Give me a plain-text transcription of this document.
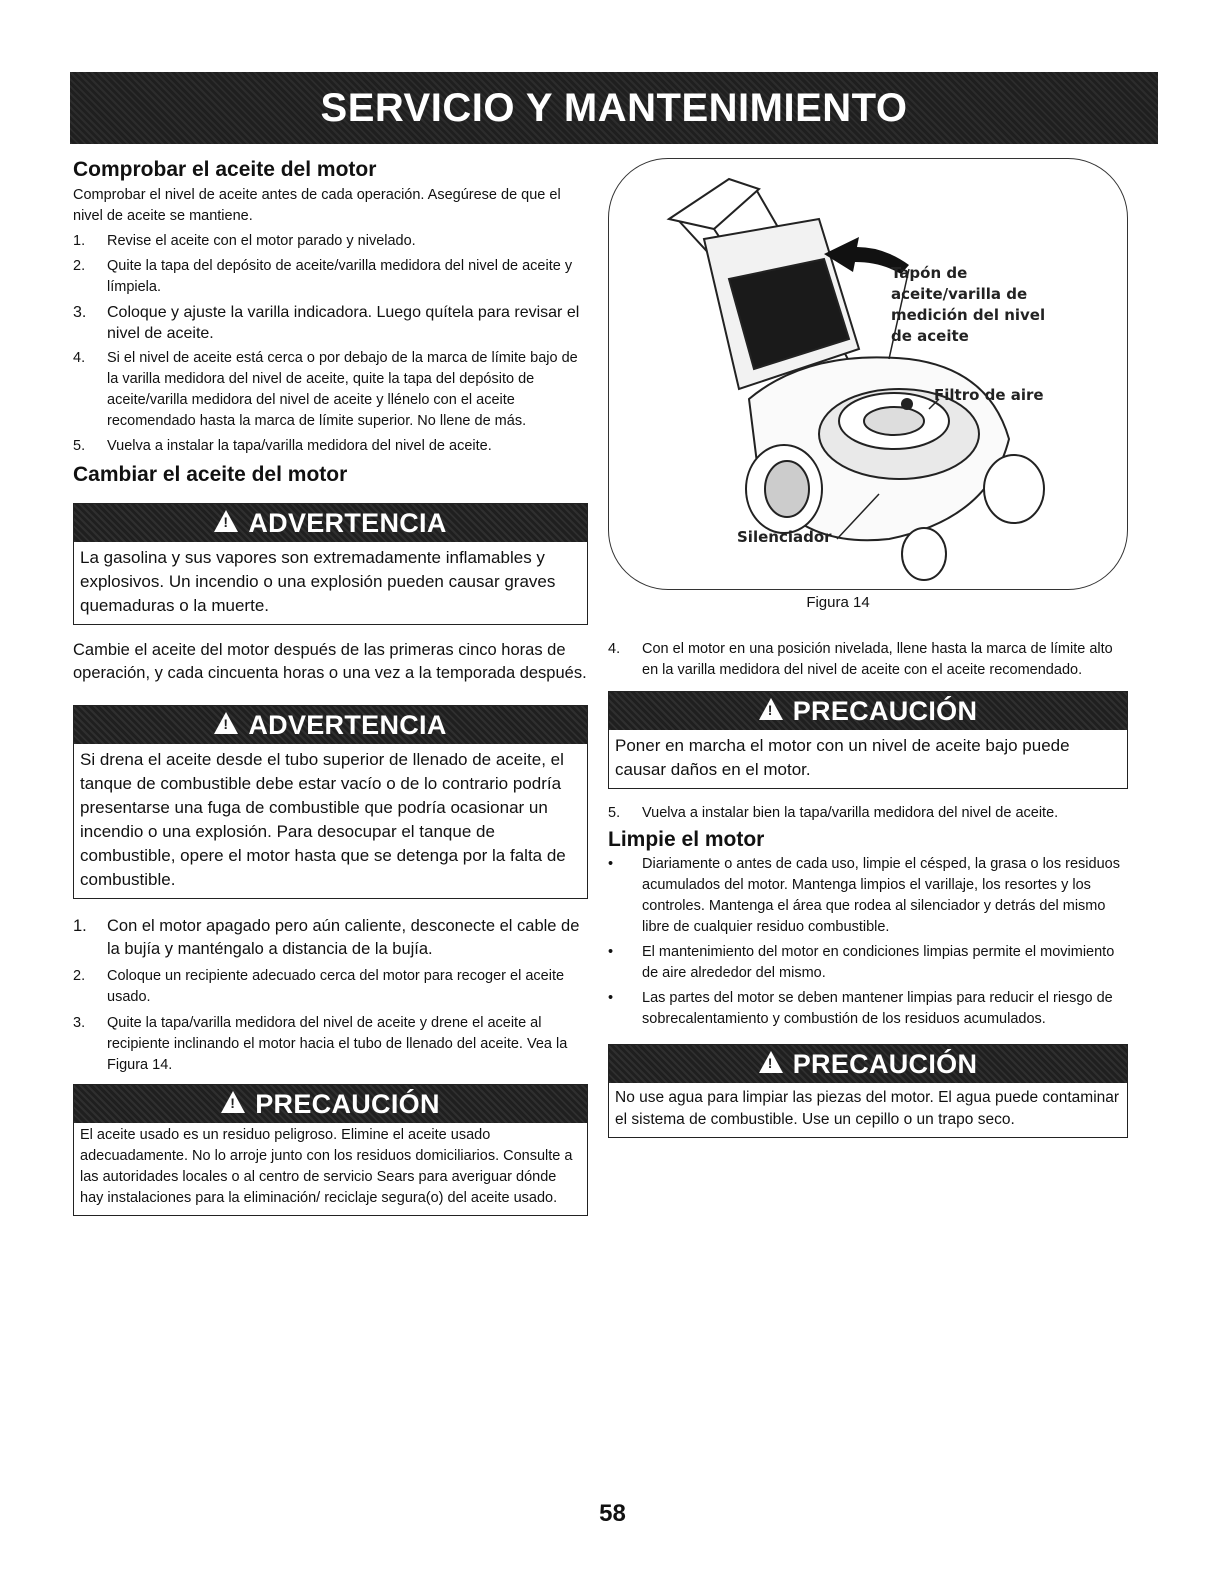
SERVICIO Y MANTENIMIENTO
Comprobar el aceite del motor

Comprobar el nivel de aceite antes de cada operación. Asegúrese de que el nivel de aceite se mantiene.

1.	Revise el aceite con el motor parado y nivelado.
2.	Quite la tapa del depósito de aceite/varilla medidora del nivel de aceite y límpiela.
3.	Coloque y ajuste la varilla indicadora. Luego quítela para revisar el nivel de aceite.
4.	Si el nivel de aceite está cerca o por debajo de la marca de límite bajo de la varilla medidora del nivel de aceite, quite la tapa del depósito de aceite/varilla medidora del nivel de aceite y llénelo con el aceite recomendado hasta la marca de límite superior. No llene de más.
5.	Vuelva a instalar la tapa/varilla medidora del nivel de aceite.
Cambiar el aceite del motor
!
ADVERTENCIA
La gasolina y sus vapores son extremadamente inflamables y explosivos. Un incendio o una explosión pueden causar graves quemaduras o la muerte.

Cambie el aceite del motor después de las primeras cinco horas de operación, y cada cincuenta horas o una vez a la temporada después.

!
ADVERTENCIA
Si drena el aceite desde el tubo superior de llenado de aceite, el tanque de combustible debe estar vacío o de lo contrario podría presentarse una fuga de combustible que podría ocasionar un incendio o una explosión. Para desocupar el tanque de combustible, opere el motor hasta que se detenga por la falta de combustible.
1.	Con el motor apagado pero aún caliente, desconecte el cable de la bujía y manténgalo a distancia de la bujía.
2.	Coloque un recipiente adecuado cerca del motor para recoger el aceite usado.
3.	Quite la tapa/varilla medidora del nivel de aceite y drene el aceite al recipiente inclinando el motor hacia el tubo de llenado del aceite. Vea la Figura 14.
!
PRECAUCIÓN
El aceite usado es un residuo peligroso. Elimine el aceite usado adecuadamente. No lo arroje junto con los residuos domiciliarios. Consulte a las autoridades locales o al centro de servicio Sears para averiguar dónde hay instalaciones para la eliminación/ reciclaje segura(o) del aceite usado.
Tapón de
aceite/varilla de
medición del nivel
de aceite
Filtro de aire
Silenciador
Figura 14
4.	Con el motor en una posición nivelada, llene hasta la marca de límite alto en la varilla medidora del nivel de aceite con el aceite recomendado.
!
PRECAUCIÓN
Poner en marcha el motor con un nivel de aceite bajo puede causar daños en el motor.
5.	Vuelva a instalar bien la tapa/varilla medidora del nivel de aceite.
Limpie el motor
•	Diariamente o antes de cada uso, limpie el césped, la grasa o los residuos acumulados del motor. Mantenga limpios el varillaje, los resortes y los controles. Mantenga el área que rodea al silenciador y detrás del mismo libre de cualquier residuo combustible.
•	El mantenimiento del motor en condiciones limpias permite el movimiento de aire alrededor del mismo.
•	Las partes del motor se deben mantener limpias para reducir el riesgo de sobrecalentamiento y combustión de los residuos acumulados.
!
PRECAUCIÓN
No use agua para limpiar las piezas del motor. El agua puede contaminar el sistema de combustible. Use un cepillo o un trapo seco.
58
